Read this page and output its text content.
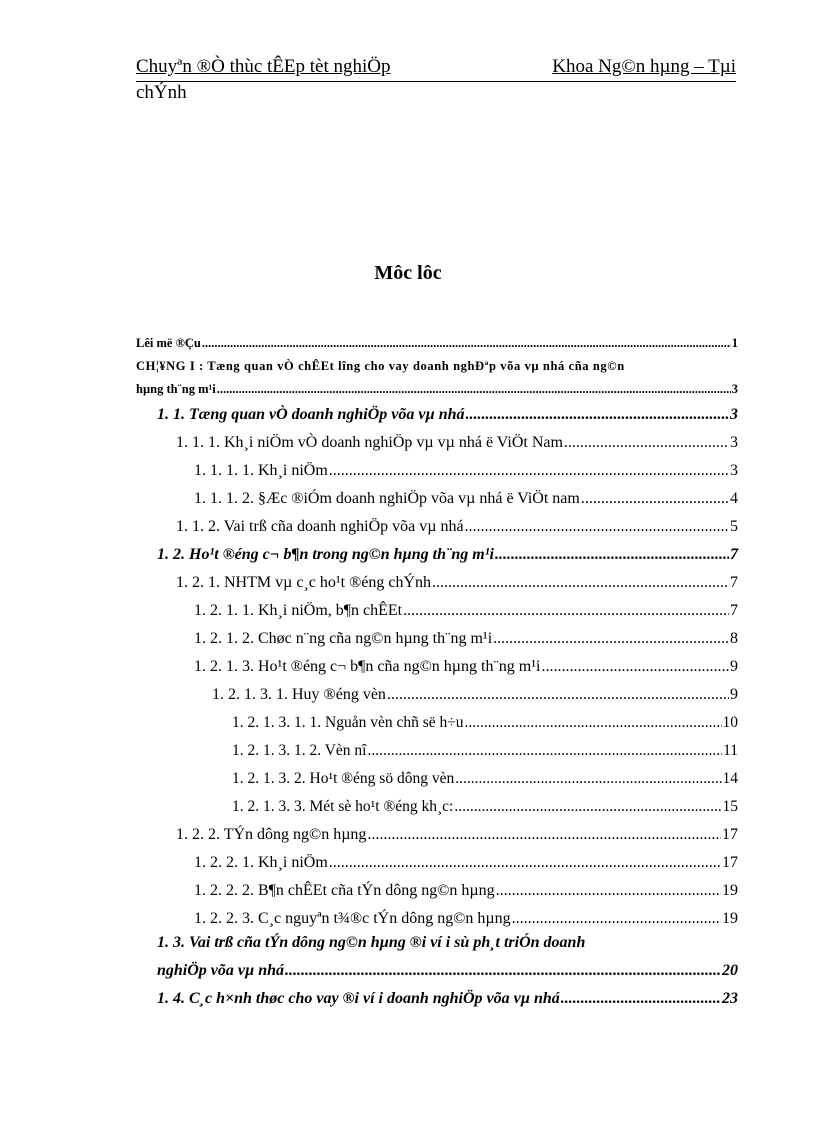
Chuyªn ®Ò thùc tÊEp tèt nghiÖp	Khoa Ng©n hµng – Tµi
chÝnh
Môc lôc
Lêi më ®Çu .....	1
CH¦¥NG I : Tæng quan vÒ chÊEt lîng cho vay doanh nghÐªp võa vµ nhá cña ng©n
hµng th¨ng m¹i .....	3
1. 1. Tæng quan vÒ doanh nghiÖp võa vµ nhá .....	3
1. 1. 1. Kh¸i niÖm vÒ doanh nghiÖp vµ vµ nhá ë ViÖt Nam .....	3
1. 1. 1. 1. Kh¸i niÖm .....	3
1. 1. 1. 2. §Æc ®iÓm doanh nghiÖp võa vµ nhá ë ViÖt nam .....	4
1. 1. 2. Vai trß cña doanh nghiÖp võa vµ nhá .....	5
1. 2. Ho¹t ®éng c¬ b¶n trong ng©n hµng th¨ng m¹i .....	7
1. 2. 1. NHTM vµ c¸c ho¹t ®éng chÝnh .....	7
1. 2. 1. 1. Kh¸i niÖm, b¶n chÊEt .....	7
1. 2. 1. 2. Chøc n¨ng cña ng©n hµng th¨ng m¹i .....	8
1. 2. 1. 3. Ho¹t ®éng c¬ b¶n cña ng©n hµng th¨ng m¹i .....	9
1. 2. 1. 3. 1. Huy ®éng vèn .....	9
1. 2. 1. 3. 1. 1. Nguån vèn chñ së h÷u .....	10
1. 2. 1. 3. 1. 2. Vèn nî .....	11
1. 2. 1. 3. 2. Ho¹t ®éng sö dông vèn .....	14
1. 2. 1. 3. 3. Mét sè ho¹t ®éng kh¸c: .....	15
1. 2. 2. TÝn dông ng©n hµng .....	17
1. 2. 2. 1. Kh¸i niÖm .....	17
1. 2. 2. 2. B¶n chÊEt cña tÝn dông ng©n hµng .....	19
1. 2. 2. 3. C¸c nguyªn t¾®c tÝn dông ng©n hµng .....	19
1. 3. Vai trß cña tÝn dông ng©n hµng ®i ví i sù ph¸t triÓn doanh
nghiÖp võa vµ nhá .....	20
1. 4. C¸c h×nh thøc cho vay ®i ví i doanh nghiÖp võa vµ nhá .....	23
